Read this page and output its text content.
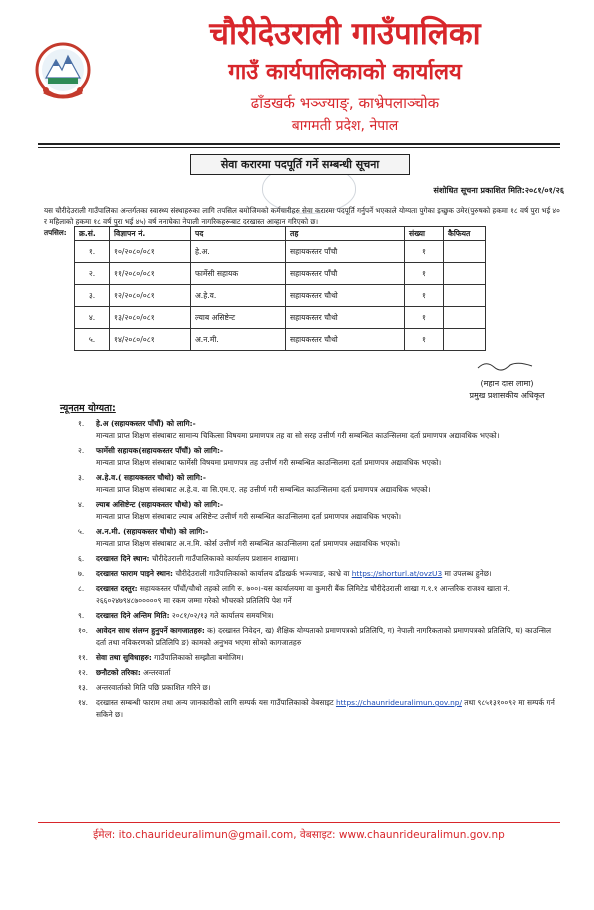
चौरीदेउराली गाउँपालिका
गाउँ कार्यपालिकाको कार्यालय
ढाँडखर्क भञ्ज्याङ्, काभ्रेपलाञ्चोक
बागमती प्रदेश, नेपाल
सेवा करारमा पदपूर्ति गर्ने सम्बन्धी सूचना
संशोधित सूचना प्रकाशित मिति:२०८१/०१/२६

यस चौरीदेउराली गाउँपालिका अन्तर्गतका स्वास्थ्य संस्थाहरुका लागि तपसिल बमोजिमको कर्मचारीहरु सेवा करारमा पदपूर्ति गर्नुपर्ने भएकाले योग्यता पुगेका इच्छुक उमेर(पुरुषको हकमा १८ वर्ष पुरा भई ४० र महिलाको हकमा १८ वर्ष पुरा भई ४५) वर्ष ननाघेका नेपाली नागरिकहरूबाट दरखास्त आव्हान गरिएको छ।

तपसिल:	क्र.सं.	विज्ञापन नं.	पद	तह	संख्या	कैफियत
१.	१०/२०८०/०८१	हे.अ.	सहायकस्तर पाँचौ	१	
२.	११/२०८०/०८१	फार्मेसी सहायक	सहायकस्तर पाँचौ	१	
३.	१२/२०८०/०८१	अ.हे.व.	सहायकस्तर चौथो	१	
४.	१३/२०८०/०८१	ल्याब असिष्टेन्ट	सहायकस्तर चौथो	१	
५.	१४/२०८०/०८१	अ.न.मी.	सहायकस्तर चौथो	१	
(महान दास लामा)
प्रमुख प्रशासकीय अधिकृत
न्यूनतम योग्यता:
१. हे.अ (सहायकस्तर पाँचौं) को लागि:-
मान्यता प्राप्त शिक्षण संस्थाबाट सामान्य चिकित्सा विषयमा प्रमाणपत्र तह वा सो सरह उत्तीर्ण गरी सम्बन्धित काउन्सिलमा दर्ता प्रमाणपत्र अद्यावधिक भएको।
२. फार्मेसी सहायक(सहायकस्तर पाँचौं) को लागि:-
मान्यता प्राप्त शिक्षण संस्थाबाट फार्मेसी विषयमा प्रमाणपत्र तह उत्तीर्ण गरी सम्बन्धित काउन्सिलमा दर्ता प्रमाणपत्र अद्यावधिक भएको।
३. अ.हे.व.( सहायकस्तर चौथो) को लागि:-
मान्यता प्राप्त शिक्षण संस्थाबाट अ.हे.व. वा सि.एम.ए. तह उत्तीर्ण गरी सम्बन्धित काउन्सिलमा दर्ता प्रमाणपत्र अद्यावधिक भएको।
४. ल्याब असिष्टेन्ट (सहायकस्तर चौथो) को लागि:-
मान्यता प्राप्त शिक्षण संस्थाबाट ल्याब असिष्टेन्ट उत्तीर्ण गरी सम्बन्धित काउन्सिलमा दर्ता प्रमाणपत्र अद्यावधिक भएको।
५. अ.न.मी. (सहायकस्तर चौथो) को लागि:-
मान्यता प्राप्त शिक्षण संस्थाबाट अ.न.मि. कोर्स उत्तीर्ण गरी सम्बन्धित काउन्सिलमा दर्ता प्रमाणपत्र अद्यावधिक भएको।
६. दरखास्त दिने स्थान: चौरीदेउराली गाउँपालिकाको कार्यालय प्रशासन शाखामा।
७. दरखास्त फाराम पाइने स्थान: चौरीदेउराली गाउँपालिकाको कार्यालय ढाँडखर्क भञ्ज्याङ, काभ्रे वा https://shorturl.at/ovzU3 मा उपलब्ध हुनेछ।
८. दरखास्त दस्तुर: सहायकस्तर पाँचौं/चौथो तहको लागि रु. ७००।-यस कार्यालयमा वा कुमारी बैंक लिमिटेड चौरीदेउराली शाखा ग.१.१ आन्तरिक राजश्व खाता नं. २६६०२४७९४८७०००००९ मा रकम जम्मा गरेको भौचरको प्रतिलिपि पेश गर्ने
९. दरखास्त दिने अन्तिम मिति: २०८१/०२/१३ गते कार्यालय समयभित्र।
१०. आवेदन साथ संलग्न हुनुपर्ने कागजातहरु: क) दरखास्त निवेदन, ख) शैक्षिक योग्यताको प्रमाणपत्रको प्रतिलिपि, ग) नेपाली नागरिकताको प्रमाणपत्रको प्रतिलिपि, घ) काउन्सिल दर्ता तथा नविकरणको प्रतिलिपि ङ) कामको अनुभव भएमा सोको कागजातहरु
११. सेवा तथा सुविधाहरु: गाउँपालिकाको सम्झौता बमोजिम।
१२. छनौटको तरिका: अन्तरवार्ता
१३. अन्तरवार्ताको मिति पछि प्रकाशित गरिने छ।
१४. दरखास्त सम्बन्धी फाराम तथा अन्य जानकारीको लागि सम्पर्क यस गाउँपालिकाको वेबसाइट https://chaunrideuralimun.gov.np/ तथा ९८५१३१००९२ मा सम्पर्क गर्न सकिने छ।
ईमेल: ito.chaurideuralimun@gmail.com, वेबसाइट: www.chaunrideuralimun.gov.np
